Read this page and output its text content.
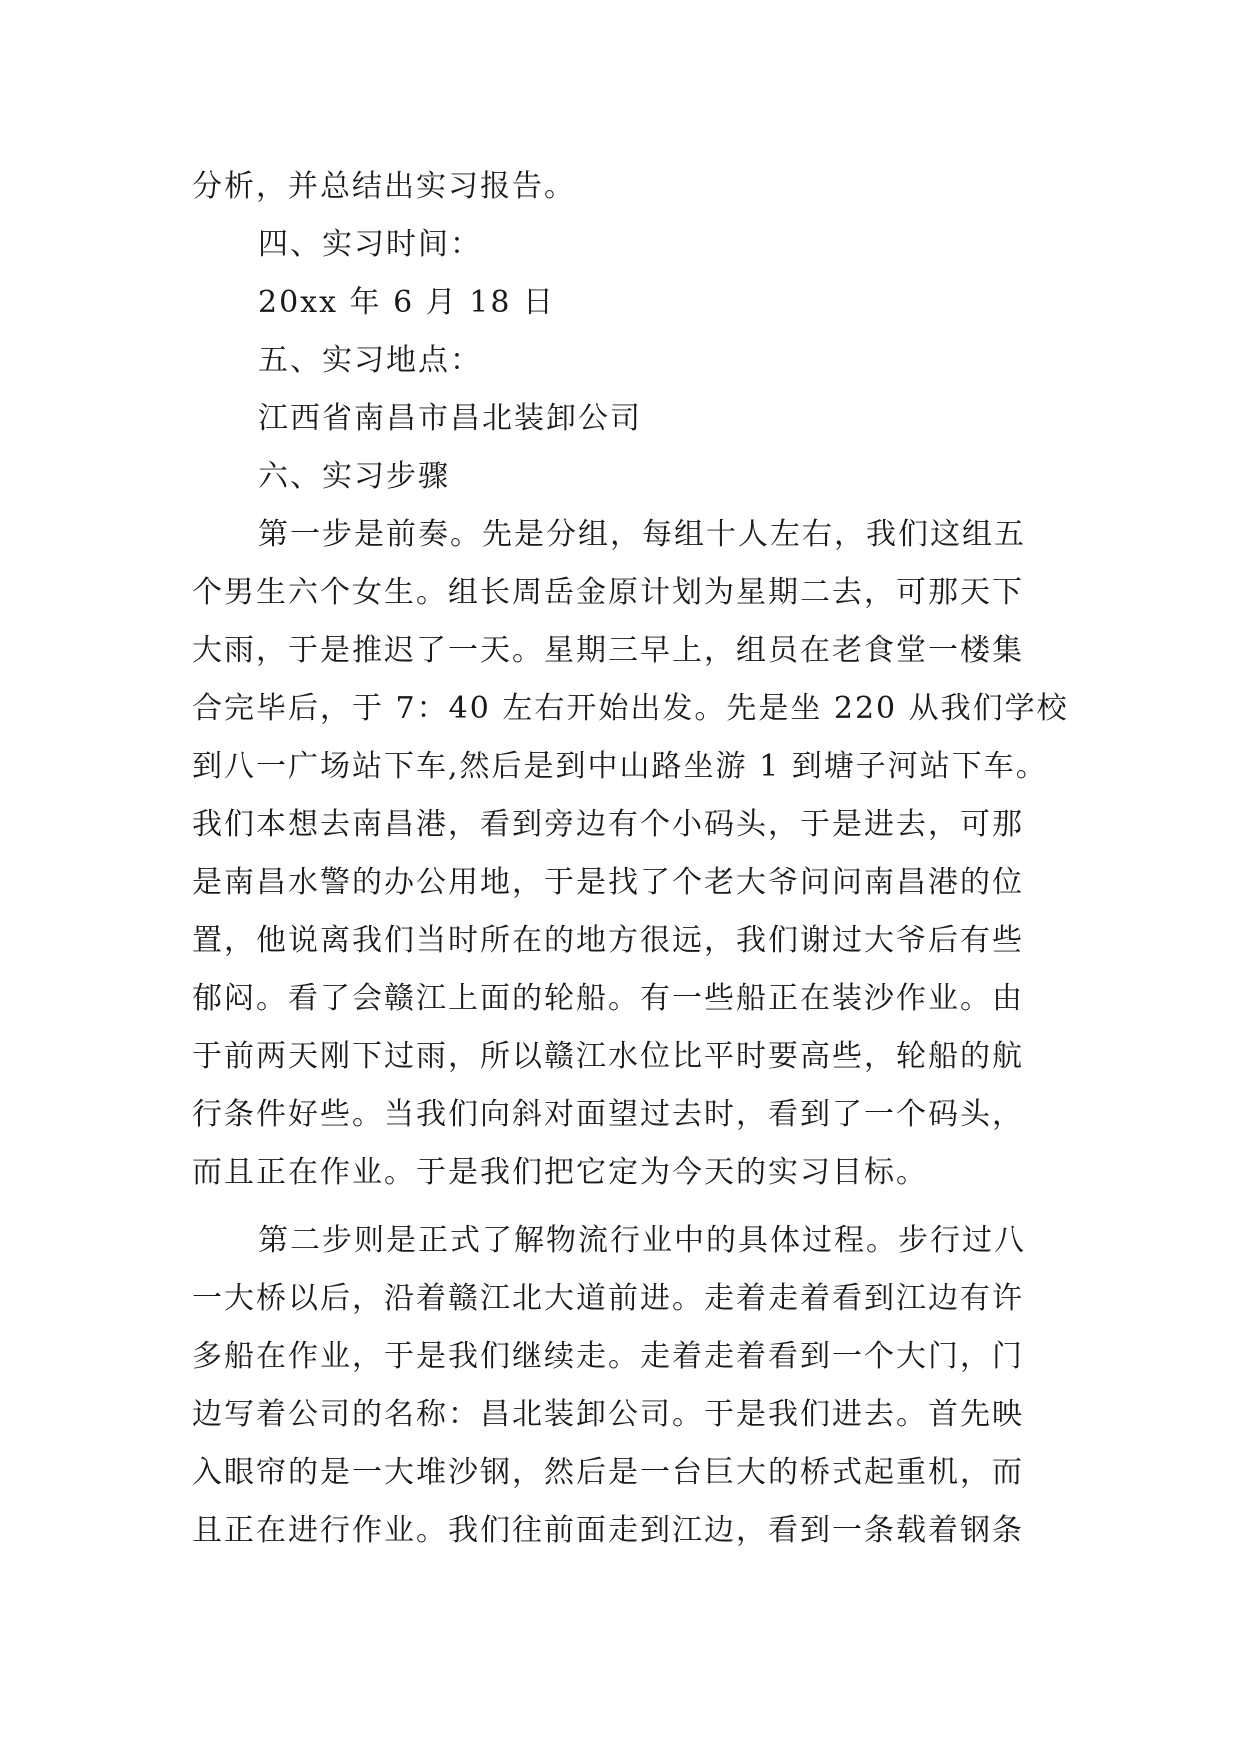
分析，并总结出实习报告。
四、实习时间：
20xx 年 6 月 18 日
五、实习地点：
江西省南昌市昌北装卸公司
六、实习步骤
第一步是前奏。先是分组，每组十人左右，我们这组五
个男生六个女生。组长周岳金原计划为星期二去，可那天下
大雨，于是推迟了一天。星期三早上，组员在老食堂一楼集
合完毕后，于 7：40 左右开始出发。先是坐 220 从我们学校
到八一广场站下车,然后是到中山路坐游 1 到塘子河站下车。
我们本想去南昌港，看到旁边有个小码头，于是进去，可那
是南昌水警的办公用地，于是找了个老大爷问问南昌港的位
置，他说离我们当时所在的地方很远，我们谢过大爷后有些
郁闷。看了会赣江上面的轮船。有一些船正在装沙作业。由
于前两天刚下过雨，所以赣江水位比平时要高些，轮船的航
行条件好些。当我们向斜对面望过去时，看到了一个码头，
而且正在作业。于是我们把它定为今天的实习目标。
第二步则是正式了解物流行业中的具体过程。步行过八
一大桥以后，沿着赣江北大道前进。走着走着看到江边有许
多船在作业，于是我们继续走。走着走着看到一个大门，门
边写着公司的名称：昌北装卸公司。于是我们进去。首先映
入眼帘的是一大堆沙钢，然后是一台巨大的桥式起重机，而
且正在进行作业。我们往前面走到江边，看到一条载着钢条
